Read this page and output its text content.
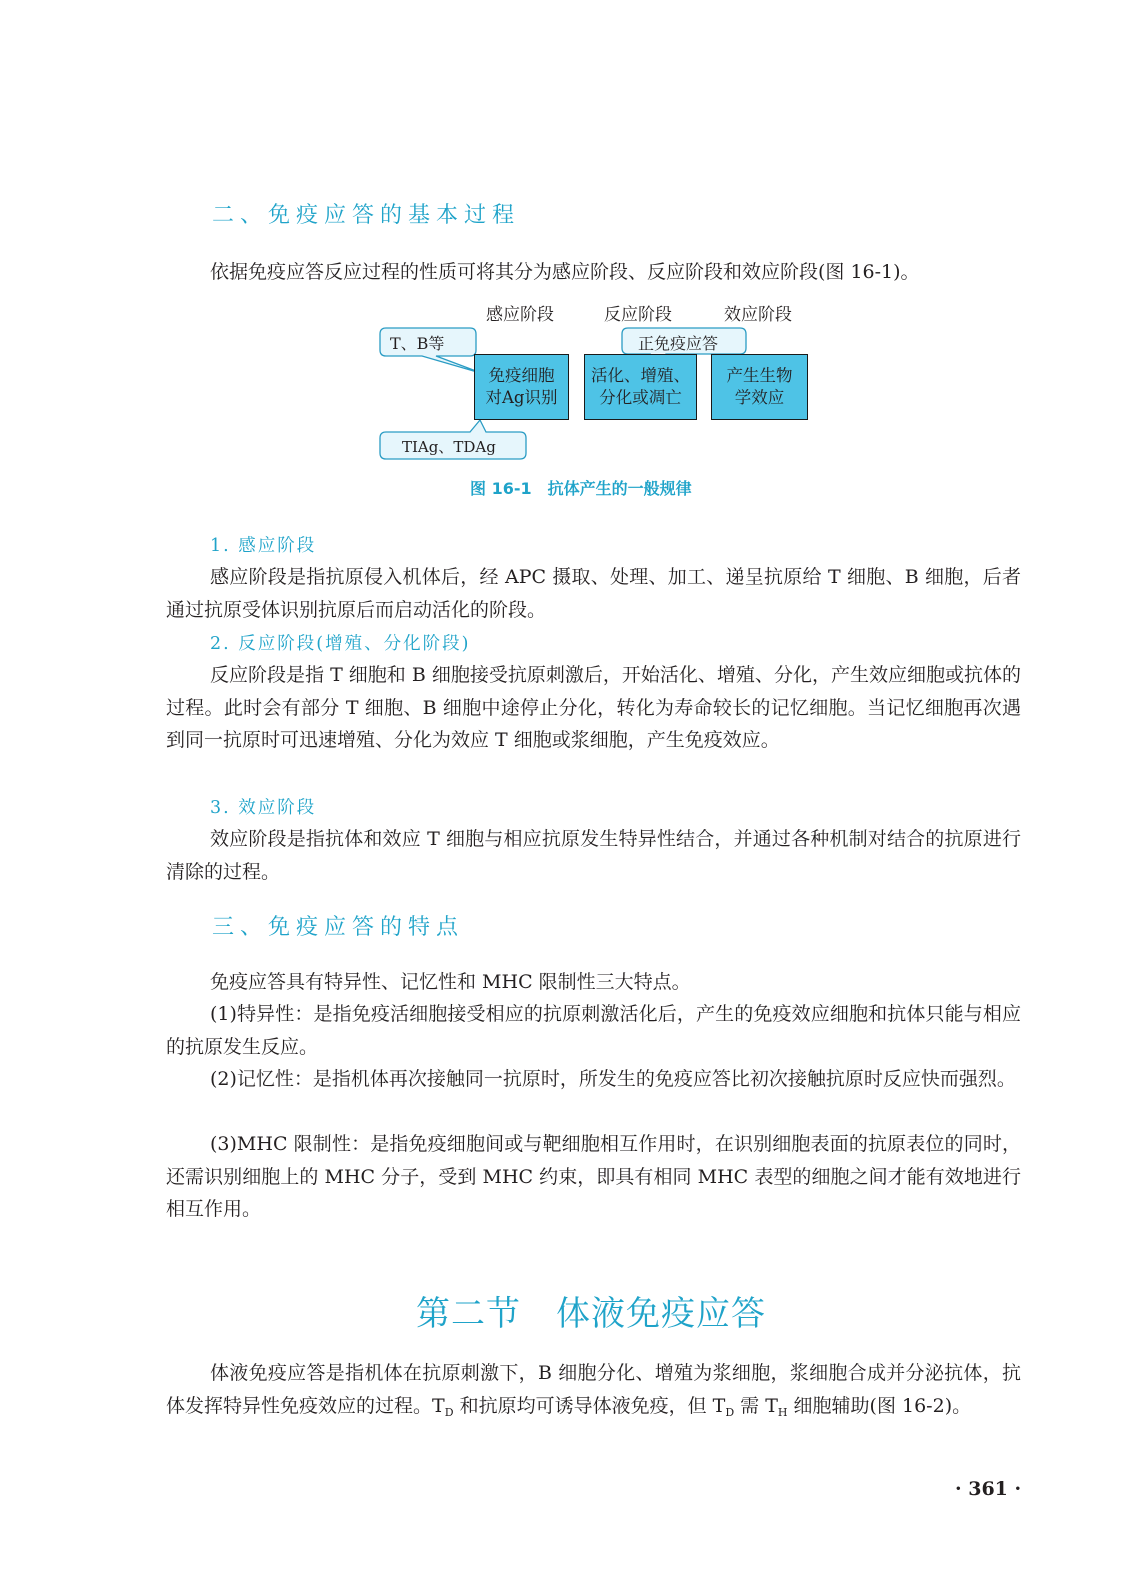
二、免疫应答的基本过程

依据免疫应答反应过程的性质可将其分为感应阶段、反应阶段和效应阶段(图 16-1)。

感应阶段	反应阶段	效应阶段
免疫细胞
对Ag识别
活化、增殖、
分化或凋亡
产生生物
学效应
T、B等	正免疫应答
TIAg、TDAg
图 16-1　抗体产生的一般规律
1. 感应阶段

感应阶段是指抗原侵入机体后，经 APC 摄取、处理、加工、递呈抗原给 T 细胞、B 细胞，后者通过抗原受体识别抗原后而启动活化的阶段。

2. 反应阶段(增殖、分化阶段)

反应阶段是指 T 细胞和 B 细胞接受抗原刺激后，开始活化、增殖、分化，产生效应细胞或抗体的过程。此时会有部分 T 细胞、B 细胞中途停止分化，转化为寿命较长的记忆细胞。当记忆细胞再次遇到同一抗原时可迅速增殖、分化为效应 T 细胞或浆细胞，产生免疫效应。

3. 效应阶段

效应阶段是指抗体和效应 T 细胞与相应抗原发生特异性结合，并通过各种机制对结合的抗原进行清除的过程。

三、免疫应答的特点

免疫应答具有特异性、记忆性和 MHC 限制性三大特点。

(1)特异性：是指免疫活细胞接受相应的抗原刺激活化后，产生的免疫效应细胞和抗体只能与相应的抗原发生反应。

(2)记忆性：是指机体再次接触同一抗原时，所发生的免疫应答比初次接触抗原时反应快而强烈。

(3)MHC 限制性：是指免疫细胞间或与靶细胞相互作用时，在识别细胞表面的抗原表位的同时，还需识别细胞上的 MHC 分子，受到 MHC 约束，即具有相同 MHC 表型的细胞之间才能有效地进行相互作用。

第二节　体液免疫应答

体液免疫应答是指机体在抗原刺激下，B 细胞分化、增殖为浆细胞，浆细胞合成并分泌抗体，抗体发挥特异性免疫效应的过程。$T_D$ 和抗原均可诱导体液免疫，但 $T_D$ 需 $T_H$ 细胞辅助(图 16-2)。

· 361 ·
